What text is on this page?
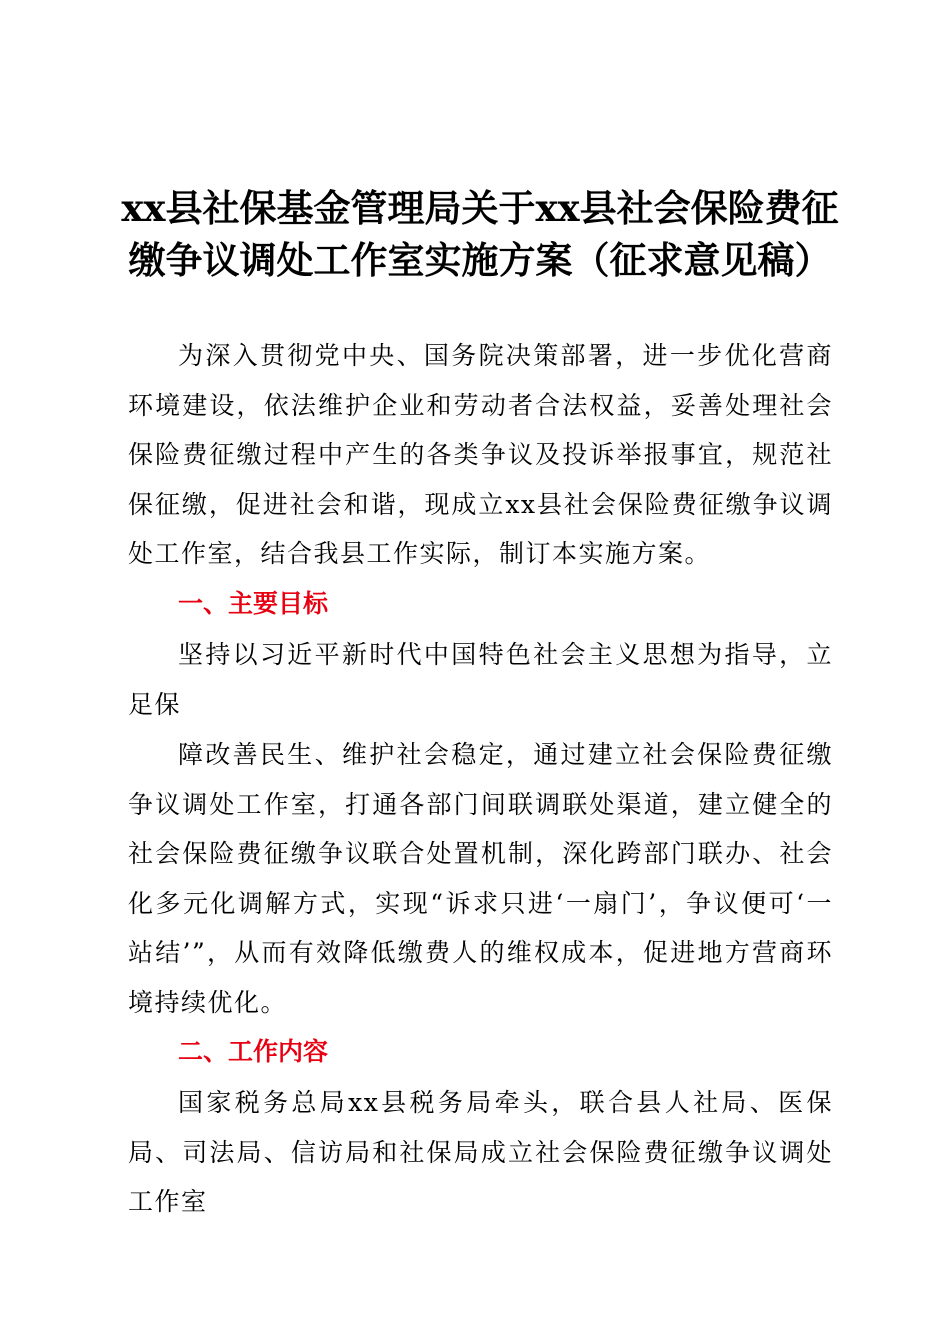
xx县社保基金管理局关于xx县社会保险费征
缴争议调处工作室实施方案（征求意见稿）

为深入贯彻党中央、国务院决策部署，进一步优化营商环境建设，依法维护企业和劳动者合法权益，妥善处理社会保险费征缴过程中产生的各类争议及投诉举报事宜，规范社保征缴，促进社会和谐，现成立xx县社会保险费征缴争议调处工作室，结合我县工作实际，制订本实施方案。

一、主要目标

坚持以习近平新时代中国特色社会主义思想为指导，立足保

障改善民生、维护社会稳定，通过建立社会保险费征缴争议调处工作室，打通各部门间联调联处渠道，建立健全的社会保险费征缴争议联合处置机制，深化跨部门联办、社会化多元化调解方式，实现“诉求只进‘一扇门’，争议便可‘一站结’”，从而有效降低缴费人的维权成本，促进地方营商环境持续优化。

二、工作内容

国家税务总局xx县税务局牵头，联合县人社局、医保局、司法局、信访局和社保局成立社会保险费征缴争议调处工作室
